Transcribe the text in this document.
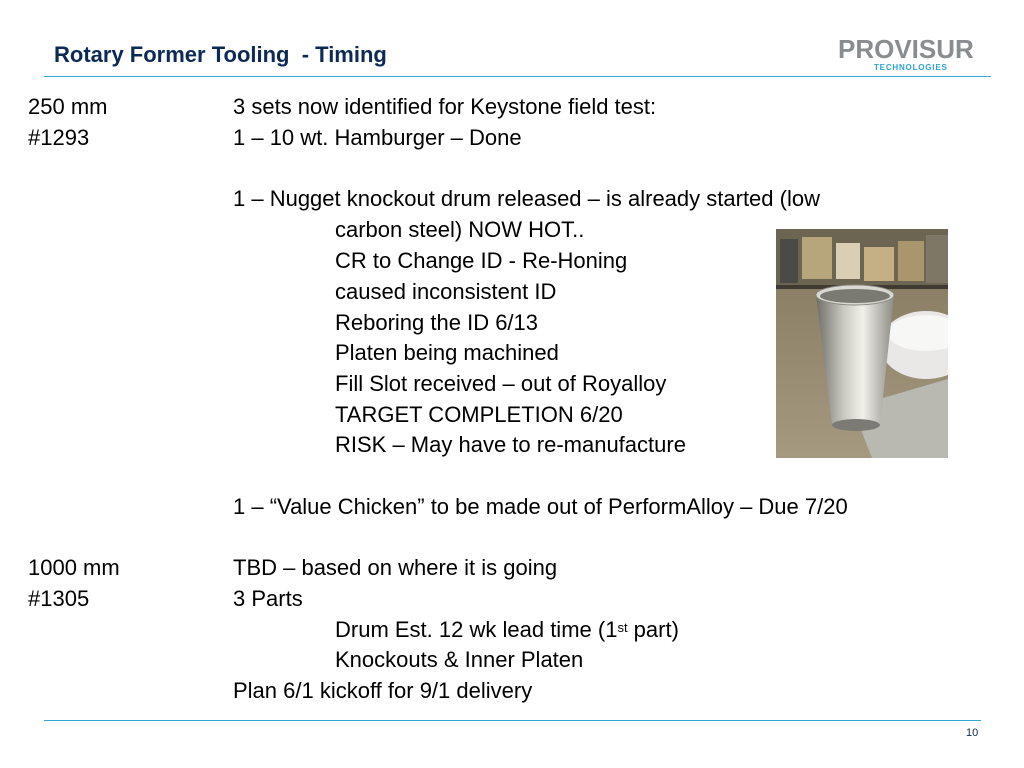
Rotary Former Tooling  - Timing	PROVISUR
TECHNOLOGIES
250 mm
#1293
3 sets now identified for Keystone field test:
1 – 10 wt. Hamburger – Done
1 – Nugget knockout drum released – is already started (low
carbon steel) NOW HOT..
CR to Change ID - Re-Honing
caused inconsistent ID
Reboring the ID 6/13
Platen being machined
Fill Slot received – out of Royalloy
TARGET COMPLETION 6/20
RISK – May have to re-manufacture
1 – “Value Chicken” to be made out of PerformAlloy – Due 7/20
1000 mm
#1305
TBD – based on where it is going
3 Parts
Drum Est. 12 wk lead time (1st part)
Knockouts & Inner Platen
Plan 6/1 kickoff for 9/1 delivery
10
